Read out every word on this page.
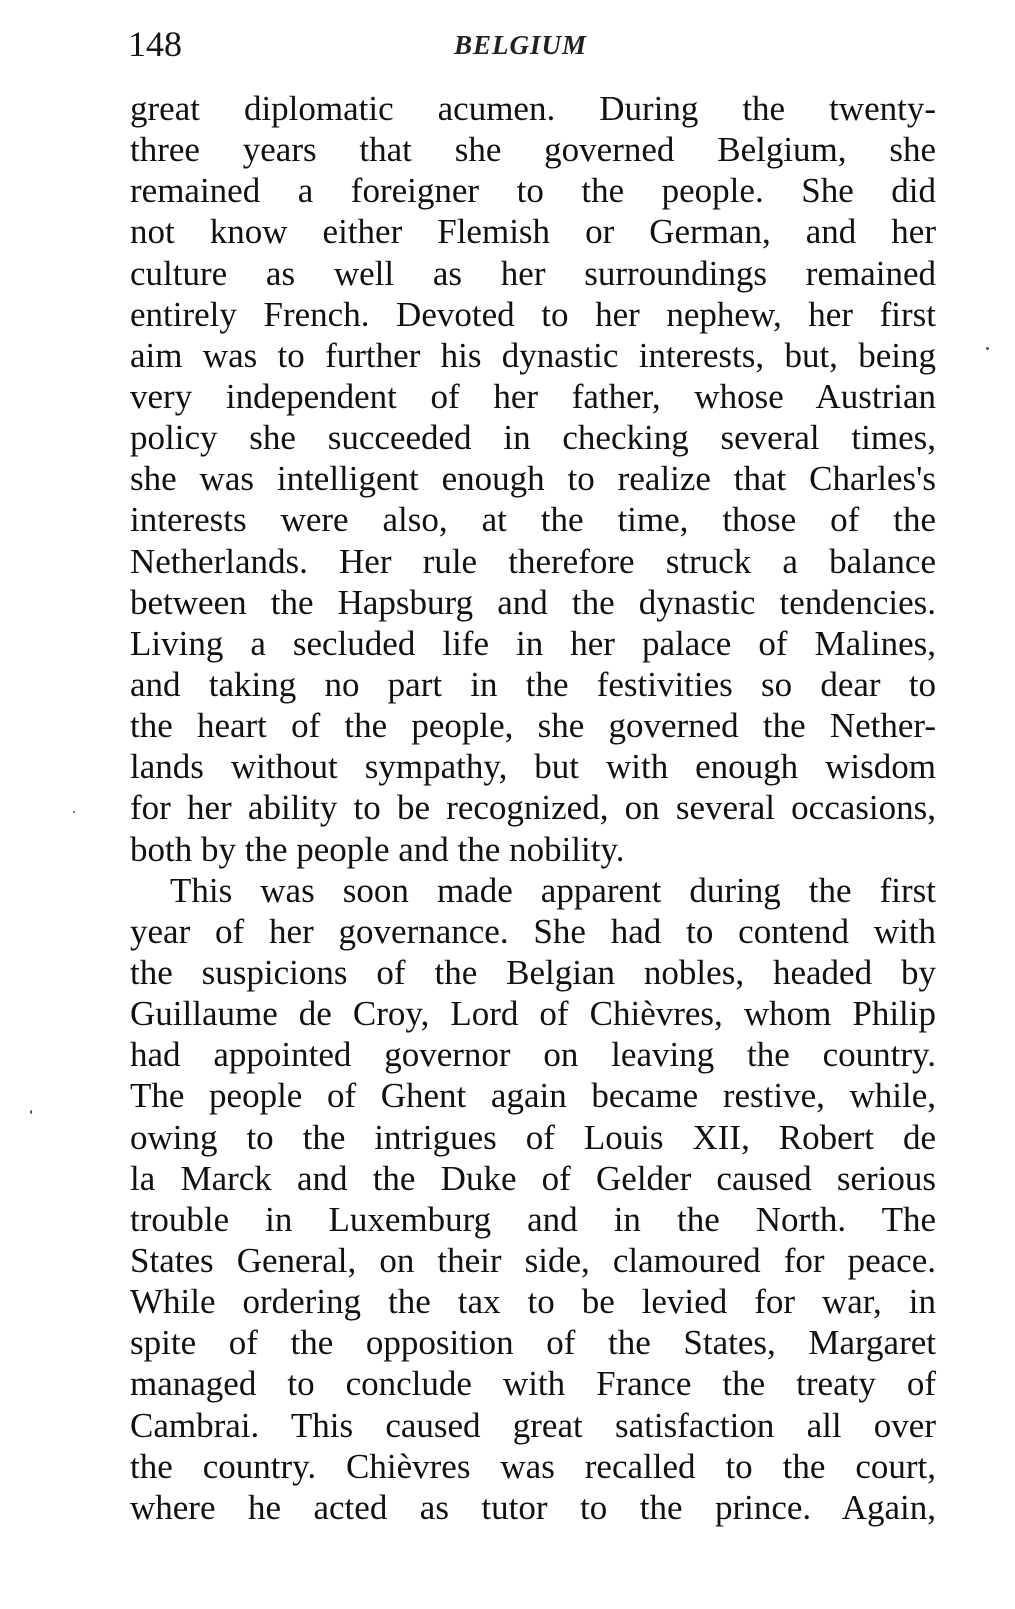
148	BELGIUM
great diplomatic acumen. During the twenty-
three years that she governed Belgium, she
remained a foreigner to the people. She did
not know either Flemish or German, and her
culture as well as her surroundings remained
entirely French. Devoted to her nephew, her first
aim was to further his dynastic interests, but, being
very independent of her father, whose Austrian
policy she succeeded in checking several times,
she was intelligent enough to realize that Charles's
interests were also, at the time, those of the
Netherlands. Her rule therefore struck a balance
between the Hapsburg and the dynastic tendencies.
Living a secluded life in her palace of Malines,
and taking no part in the festivities so dear to
the heart of the people, she governed the Nether-
lands without sympathy, but with enough wisdom
for her ability to be recognized, on several occasions,
both by the people and the nobility.
This was soon made apparent during the first
year of her governance. She had to contend with
the suspicions of the Belgian nobles, headed by
Guillaume de Croy, Lord of Chièvres, whom Philip
had appointed governor on leaving the country.
The people of Ghent again became restive, while,
owing to the intrigues of Louis XII, Robert de
la Marck and the Duke of Gelder caused serious
trouble in Luxemburg and in the North. The
States General, on their side, clamoured for peace.
While ordering the tax to be levied for war, in
spite of the opposition of the States, Margaret
managed to conclude with France the treaty of
Cambrai. This caused great satisfaction all over
the country. Chièvres was recalled to the court,
where he acted as tutor to the prince. Again,
